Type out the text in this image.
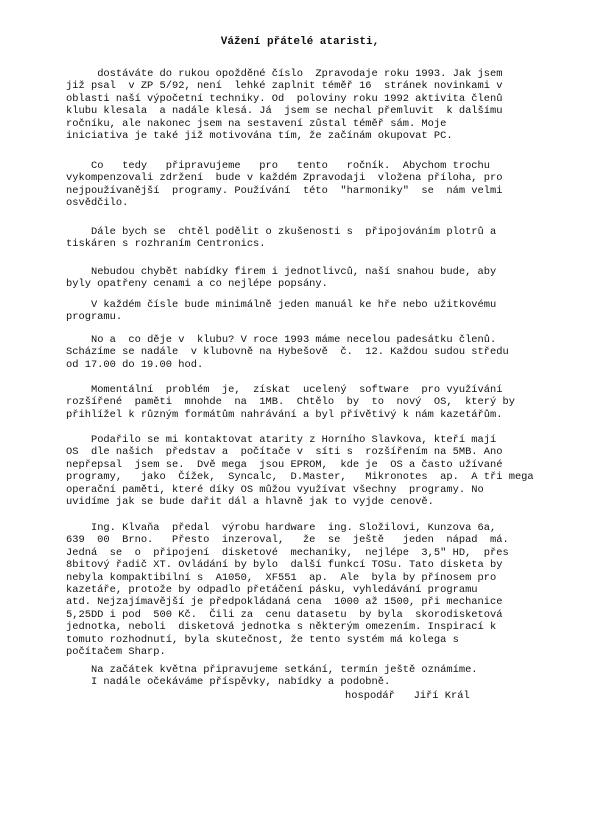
Vážení přátelé ataristi,
dostáváte do rukou opožděné číslo  Zpravodaje roku 1993. Jak jsem
již psal  v ZP 5/92, není  lehké zaplnit téměř 16  stránek novinkami v
oblasti naší výpočetní techniky. Od  poloviny roku 1992 aktivita členů
klubu klesala  a nadále klesá. Já  jsem se nechal přemluvit  k dalšímu
ročníku, ale nakonec jsem na sestavení zůstal téměř sám. Moje
iniciativa je také již motivována tím, že začínám okupovat PC.
Co   tedy   připravujeme   pro   tento   ročník.  Abychom trochu
vykompenzovali zdržení  bude v každém Zpravodaji  vložena příloha, pro
nejpoužívanější  programy. Používání  této  "harmoniky"  se  nám velmi
osvědčilo.
Dále bych se  chtěl podělit o zkušenosti s  připojováním plotrů a
tiskáren s rozhraním Centronics.
Nebudou chybět nabídky firem i jednotlivců, naší snahou bude, aby
byly opatřeny cenami a co nejlépe popsány.
V každém čísle bude minimálně jeden manuál ke hře nebo užitkovému
programu.
No a  co děje v  klubu? V roce 1993 máme necelou padesátku členů.
Scházíme se nadále  v klubovně na Hybešově  č.  12. Každou sudou středu
od 17.00 do 19.00 hod.
Momentální  problém  je,  získat  ucelený  software  pro využívání
rozšířené  paměti  mnohde  na  1MB.  Chtělo  by  to  nový  OS,  který by
přihlížel k různým formátům nahrávání a byl přívětivý k nám kazetářům.
Podařilo se mi kontaktovat atarity z Horního Slavkova, kteří mají
OS  dle našich  představ a  počítače v  síti s  rozšířením na 5MB. Ano
nepřepsal  jsem se.  Dvě mega  jsou EPROM,  kde je  OS a často užívané
programy,   jako  Čížek,  Syncalc,  D.Master,   Mikronotes  ap.  A tři mega
operační paměti, které díky OS můžou využívat všechny  programy. No
uvidíme jak se bude dařit dál a hlavně jak to vyjde cenově.
Ing. Klvaňa  předal  výrobu hardware  ing. Složilovi, Kunzova 6a,
639  00  Brno.   Přesto  inzeroval,   že  se  ještě   jeden  nápad  má.
Jedná  se  o  připojení  disketové  mechaniky,  nejlépe  3,5" HD,  přes
8bitový řadič XT. Ovládání by bylo  další funkcí TOSu. Tato disketa by
nebyla kompaktibilní s  A1050,  XF551  ap.  Ale  byla by přínosem pro
kazetáře, protože by odpadlo přetáčení pásku, vyhledávání programu
atd. Nejzajímavější je předpokládaná cena  1000 až 1500, při mechanice
5,25DD i pod  500 Kč.  Čili za  cenu datasetu  by byla  skorodisketová
jednotka, neboli  disketová jednotka s některým omezením. Inspirací k
tomuto rozhodnutí, byla skutečnost, že tento systém má kolega s
počítačem Sharp.
Na začátek května připravujeme setkání, termín ještě oznámíme.
I nadále očekáváme příspěvky, nabídky a podobně.
hospodář   Jiří Král
